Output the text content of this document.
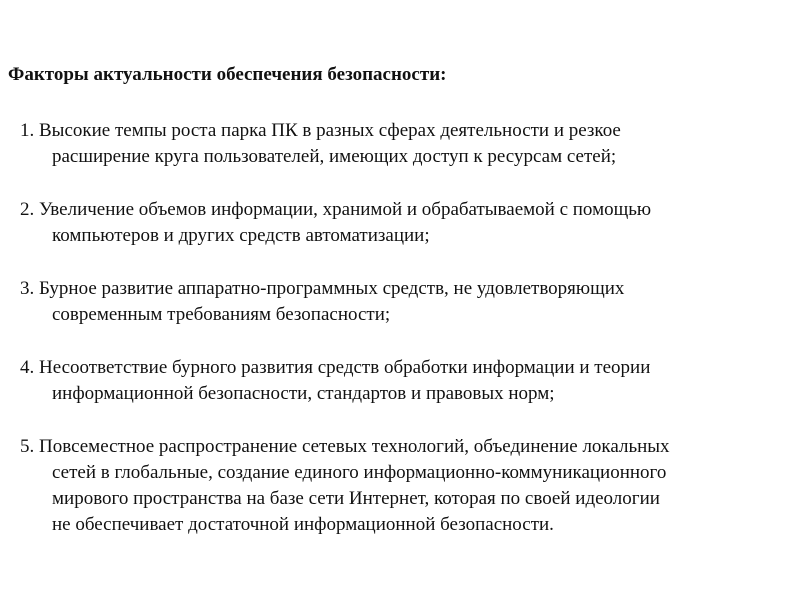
Факторы актуальности обеспечения безопасности:
1. Высокие темпы роста парка ПК в разных сферах деятельности и резкое
расширение круга пользователей, имеющих доступ к ресурсам сетей;
2. Увеличение объемов информации, хранимой и обрабатываемой с помощью
компьютеров и других средств автоматизации;
3. Бурное развитие аппаратно-программных средств, не удовлетворяющих
современным требованиям безопасности;
4. Несоответствие бурного развития средств обработки информации и теории
информационной безопасности, стандартов и правовых норм;
5. Повсеместное распространение сетевых технологий, объединение локальных
сетей в глобальные, создание единого информационно-коммуникационного
мирового пространства на базе сети Интернет, которая по своей идеологии
не обеспечивает достаточной информационной безопасности.
